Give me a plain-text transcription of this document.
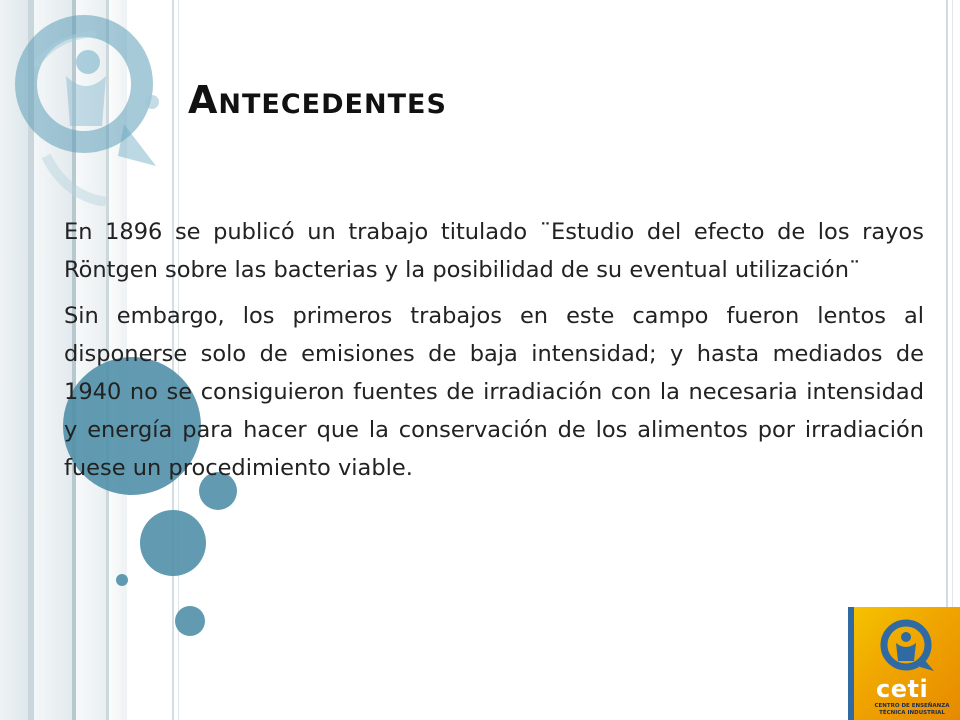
Antecedentes

En 1896 se publicó un trabajo titulado ¨Estudio del efecto de los rayos Röntgen sobre las bacterias y la posibilidad de su eventual utilización¨

Sin embargo, los primeros trabajos en este campo fueron lentos al disponerse solo de emisiones de baja intensidad; y hasta mediados de 1940 no se consiguieron fuentes de irradiación con la necesaria intensidad y energía para hacer que la conservación de los alimentos por irradiación fuese un procedimiento viable.

ceti
CENTRO DE ENSEÑANZA
TÉCNICA INDUSTRIAL
